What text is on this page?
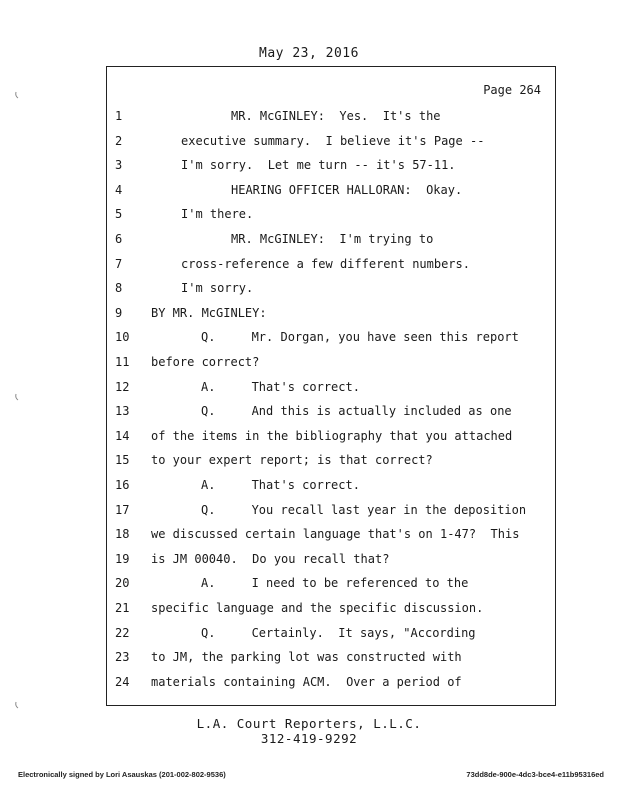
May 23, 2016
Page 264
1	MR. McGINLEY:  Yes.  It's the
2	executive summary.  I believe it's Page --
3	I'm sorry.  Let me turn -- it's 57-11.
4	HEARING OFFICER HALLORAN:  Okay.
5	I'm there.
6	MR. McGINLEY:  I'm trying to
7	cross-reference a few different numbers.
8	I'm sorry.
9	BY MR. McGINLEY:
10	Q.     Mr. Dorgan, you have seen this report
11	before correct?
12	A.     That's correct.
13	Q.     And this is actually included as one
14	of the items in the bibliography that you attached
15	to your expert report; is that correct?
16	A.     That's correct.
17	Q.     You recall last year in the deposition
18	we discussed certain language that's on 1-47?  This
19	is JM 00040.  Do you recall that?
20	A.     I need to be referenced to the
21	specific language and the specific discussion.
22	Q.     Certainly.  It says, "According
23	to JM, the parking lot was constructed with
24	materials containing ACM.  Over a period of
L.A. Court Reporters, L.L.C.
312-419-9292
Electronically signed by Lori Asauskas (201-002-802-9536)	73dd8de-900e-4dc3-bce4-e11b95316ed
